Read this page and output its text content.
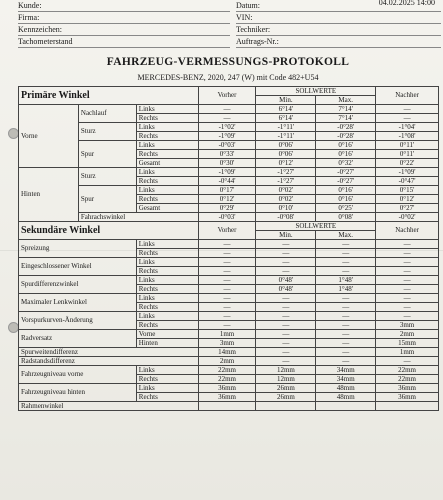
Kunde:
Firma:
Kennzeichen:
Tachometerstand
Datum:
VIN:
Techniker:
Auftrags-Nr.:
04.02.2025 14:00
FAHRZEUG-VERMESSUNGS-PROTOKOLL
MERCEDES-BENZ, 2020, 247 (W) mit Code 482+U54
Primäre Winkel			Vorher	SOLLWERTE		Nachher
				Min.	Max.	
Vorne	Nachlauf	Links	—	6°14'	7°14'	—
		Rechts	—	6°14'	7°14'	—
	Sturz	Links	-1°02'	-1°11'	-0°28'	-1°04'
		Rechts	-1°09'	-1°11'	-0°28'	-1°08'
	Spur	Links	-0°03'	0°06'	0°16'	0°11'
		Rechts	0°33'	0°06'	0°16'	0°11'
		Gesamt	0°30'	0°12'	0°32'	0°22'
Hinten	Sturz	Links	-1°09'	-1°27'	-0°27'	-1°09'
		Rechts	-0°44'	-1°27'	-0°27'	-0°47'
	Spur	Links	0°17'	0°02'	0°16'	0°15'
		Rechts	0°12'	0°02'	0°16'	0°12'
		Gesamt	0°29'	0°10'	0°25'	0°27'
	Fahrachswinkel		-0°03'	-0°08'	0°08'	-0°02'
Sekundäre Winkel			Vorher	SOLLWERTE		Nachher
				Min.	Max.	
Spreizung		Links	—	—	—	—
		Rechts	—	—	—	—
Eingeschlossener Winkel		Links	—	—	—	—
		Rechts	—	—	—	—
Spurdifferenzwinkel		Links	—	0°48'	1°48'	—
		Rechts	—	0°48'	1°48'	—
Maximaler Lenkwinkel		Links	—	—	—	—
		Rechts	—	—	—	—
Vorspurkurven-Änderung		Links	—	—	—	—
		Rechts	—	—	—	3mm
Radversatz		Vorne	1mm	—	—	2mm
		Hinten	3mm	—	—	15mm
Spurweitendifferenz			14mm	—	—	1mm
Radstandsdifferenz			2mm	—	—	—
Fahrzeugniveau vorne		Links	22mm	12mm	34mm	22mm
		Rechts	22mm	12mm	34mm	22mm
Fahrzeugniveau hinten		Links	36mm	26mm	48mm	36mm
		Rechts	36mm	26mm	48mm	36mm
Rahmenwinkel						
